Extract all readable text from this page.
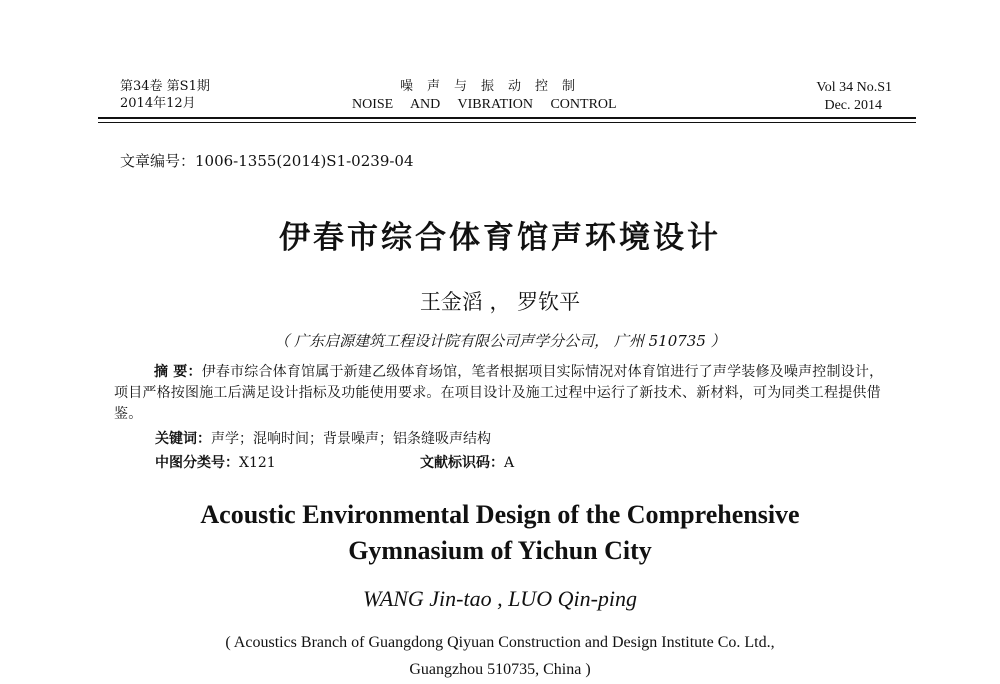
第34卷 第S1期
2014年12月
噪声与振动控制
NOISE AND VIBRATION CONTROL
Vol 34 No.S1
Dec. 2014
文章编号：1006-1355(2014)S1-0239-04
伊春市综合体育馆声环境设计
王金滔 ， 罗钦平
（ 广东启源建筑工程设计院有限公司声学分公司， 广州 510735 ）
摘 要：伊春市综合体育馆属于新建乙级体育场馆，笔者根据项目实际情况对体育馆进行了声学装修及噪声控制设计，项目严格按图施工后满足设计指标及功能使用要求。在项目设计及施工过程中运行了新技术、新材料，可为同类工程提供借鉴。
关键词：声学；混响时间；背景噪声；铝条缝吸声结构
中图分类号：X121	文献标识码：A
Acoustic Environmental Design of the Comprehensive
Gymnasium of Yichun City
WANG Jin-tao , LUO Qin-ping
( Acoustics Branch of Guangdong Qiyuan Construction and Design Institute Co. Ltd.,
Guangzhou 510735, China )
